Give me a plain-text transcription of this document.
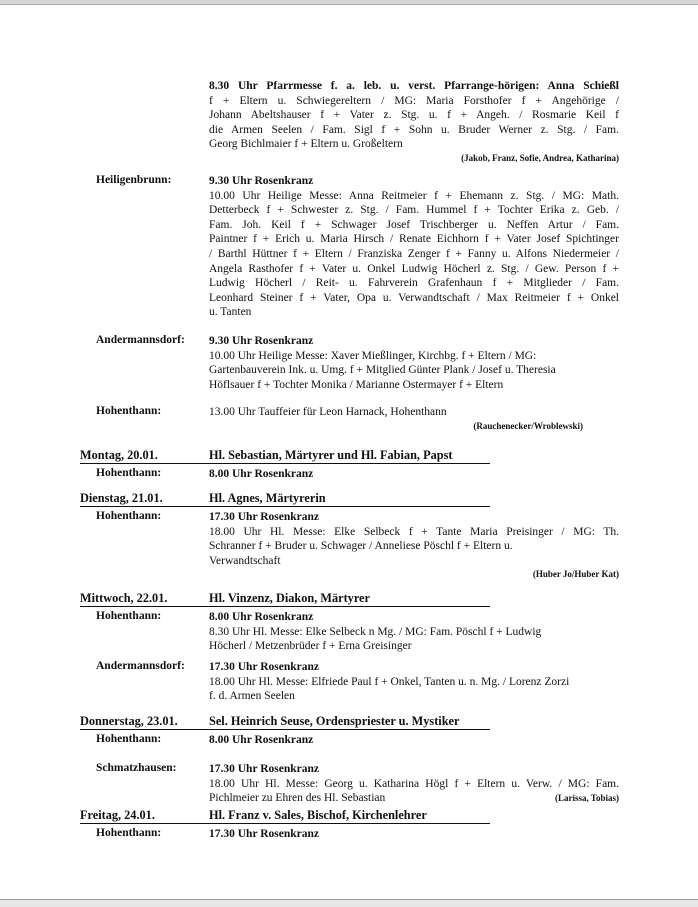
8.30 Uhr Pfarrmesse f. a. leb. u. verst. Pfarrange-hörigen: Anna Schießl
f + Eltern u. Schwiegereltern / MG: Maria Forsthofer f + Angehörige /
Johann Abeltshauser f + Vater z. Stg. u. f + Angeh. / Rosmarie Keil f
die Armen Seelen / Fam. Sigl f + Sohn u. Bruder Werner z. Stg. / Fam.
Georg Bichlmaier f + Eltern u. Großeltern
(Jakob, Franz, Sofie, Andrea, Katharina)
Heiligenbrunn:	9.30 Uhr Rosenkranz
10.00 Uhr Heilige Messe: Anna Reitmeier f + Ehemann z. Stg. / MG: Math.
Detterbeck f + Schwester z. Stg. / Fam. Hummel f + Tochter Erika z. Geb. /
Fam. Joh. Keil f + Schwager Josef Trischberger u. Neffen Artur / Fam.
Paintner f + Erich u. Maria Hirsch / Renate Eichhorn f + Vater Josef Spichtinger
/ Barthl Hüttner f + Eltern / Franziska Zenger f + Fanny u. Alfons Niedermeier /
Angela Rasthofer f + Vater u. Onkel Ludwig Höcherl z. Stg. / Gew. Person f +
Ludwig Höcherl / Reit- u. Fahrverein Grafenhaun f + Mitglieder / Fam.
Leonhard Steiner f + Vater, Opa u. Verwandtschaft / Max Reitmeier f + Onkel
u. Tanten
Andermannsdorf: 9.30 Uhr Rosenkranz
10.00 Uhr Heilige Messe: Xaver Mießlinger, Kirchbg. f + Eltern / MG:
Gartenbauverein Ink. u. Umg. f + Mitglied Günter Plank / Josef u. Theresia
Höflsauer f + Tochter Monika / Marianne Ostermayer f + Eltern
Hohenthann:	13.00 Uhr Tauffeier für Leon Harnack, Hohenthann
(Rauchenecker/Wroblewski)
Montag, 20.01.	Hl. Sebastian, Märtyrer und Hl. Fabian, Papst
Hohenthann:	8.00 Uhr Rosenkranz
Dienstag, 21.01.	Hl. Agnes, Märtyrerin
Hohenthann:	17.30 Uhr Rosenkranz
18.00 Uhr Hl. Messe: Elke Selbeck f + Tante Maria Preisinger / MG: Th.
Schranner f + Bruder u. Schwager / Anneliese Pöschl f + Eltern u.
Verwandtschaft
(Huber Jo/Huber Kat)
Mittwoch, 22.01.	Hl. Vinzenz, Diakon, Märtyrer
Hohenthann:	8.00 Uhr Rosenkranz
8.30 Uhr Hl. Messe: Elke Selbeck n Mg. / MG: Fam. Pöschl f + Ludwig
Höcherl / Metzenbrüder f + Erna Greisinger
Andermannsdorf: 17.30 Uhr Rosenkranz
18.00 Uhr Hl. Messe: Elfriede Paul f + Onkel, Tanten u. n. Mg. / Lorenz Zorzi
f. d. Armen Seelen
Donnerstag, 23.01.	Sel. Heinrich Seuse, Ordenspriester u. Mystiker
Hohenthann:	8.00 Uhr Rosenkranz
Schmatzhausen:	17.30 Uhr Rosenkranz
18.00 Uhr Hl. Messe: Georg u. Katharina Högl f + Eltern u. Verw. / MG: Fam.
Pichlmeier zu Ehren des Hl. Sebastian	(Larissa, Tobias)
Freitag, 24.01.	Hl. Franz v. Sales, Bischof, Kirchenlehrer
Hohenthann:	17.30 Uhr Rosenkranz
